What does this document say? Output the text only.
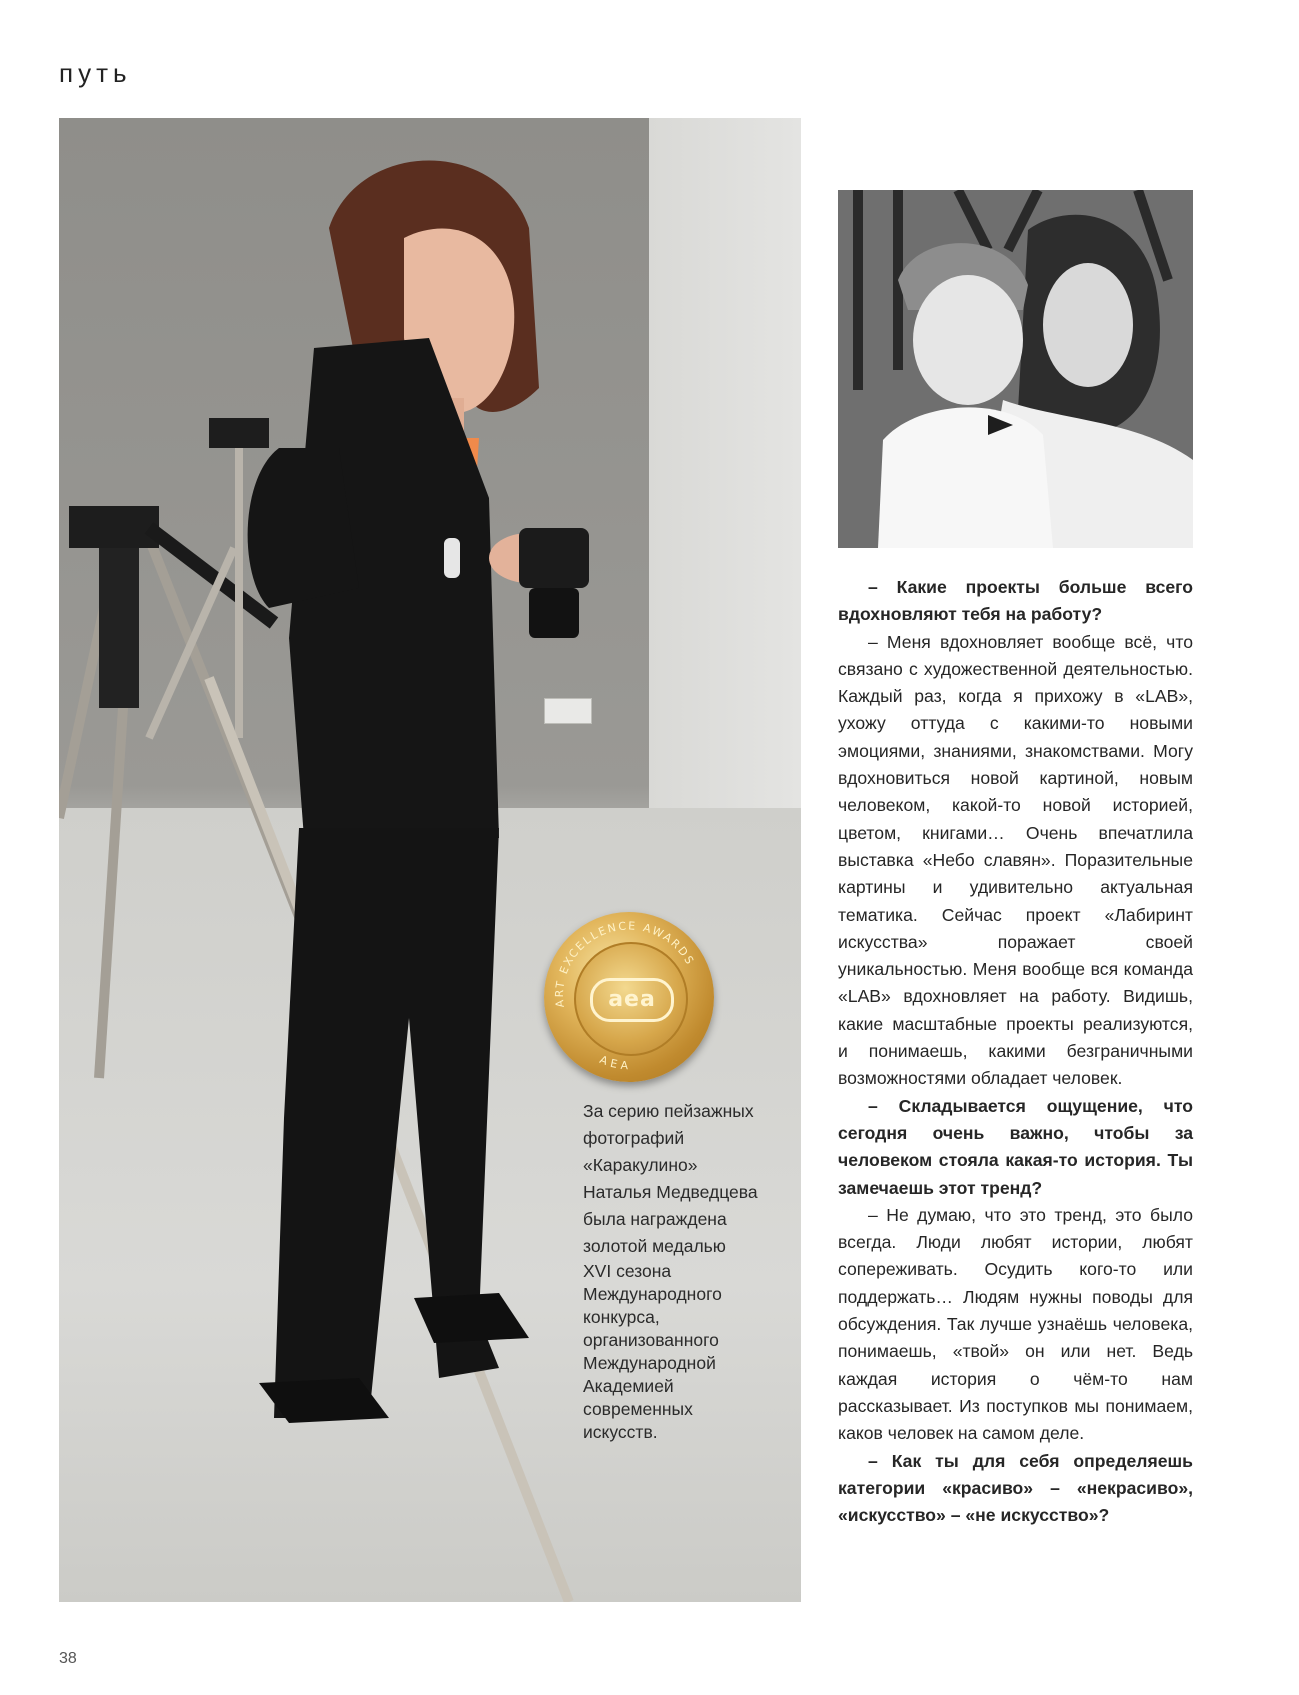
путь
aea
ART EXCELLENCE AWARDS
AEA

За серию пейзажных

фотографий

«Каракулино»

Наталья Медведцева

была награждена

золотой медалью

XVI сезона

Международного

конкурса,

организованного

Международной

Академией

современных

искусств.

– Какие проекты больше всего вдохновляют тебя на работу?

– Меня вдохновляет вообще всё, что связано с художественной деятельностью. Каждый раз, когда я прихожу в «LAB», ухожу оттуда с какими-то новыми эмоциями, знаниями, знакомствами. Могу вдохновиться новой картиной, новым человеком, какой-то новой историей, цветом, книгами… Очень впечатлила выставка «Небо славян». Поразительные картины и удивительно актуальная тематика. Сейчас проект «Лабиринт искусства» поражает своей уникальностью. Меня вообще вся команда «LAB» вдохновляет на работу. Видишь, какие масштабные проекты реализуются, и понимаешь, какими безграничными возможностями обладает человек.

– Складывается ощущение, что сегодня очень важно, чтобы за человеком стояла какая-то история. Ты замечаешь этот тренд?

– Не думаю, что это тренд, это было всегда. Люди любят истории, любят сопереживать. Осудить кого-то или поддержать… Людям нужны поводы для обсуждения. Так лучше узнаёшь человека, понимаешь, «твой» он или нет. Ведь каждая история о чём-то нам рассказывает. Из поступков мы понимаем, каков человек на самом деле.

– Как ты для себя определяешь категории «красиво» – «некрасиво», «искусство» – «не искусство»?

38
